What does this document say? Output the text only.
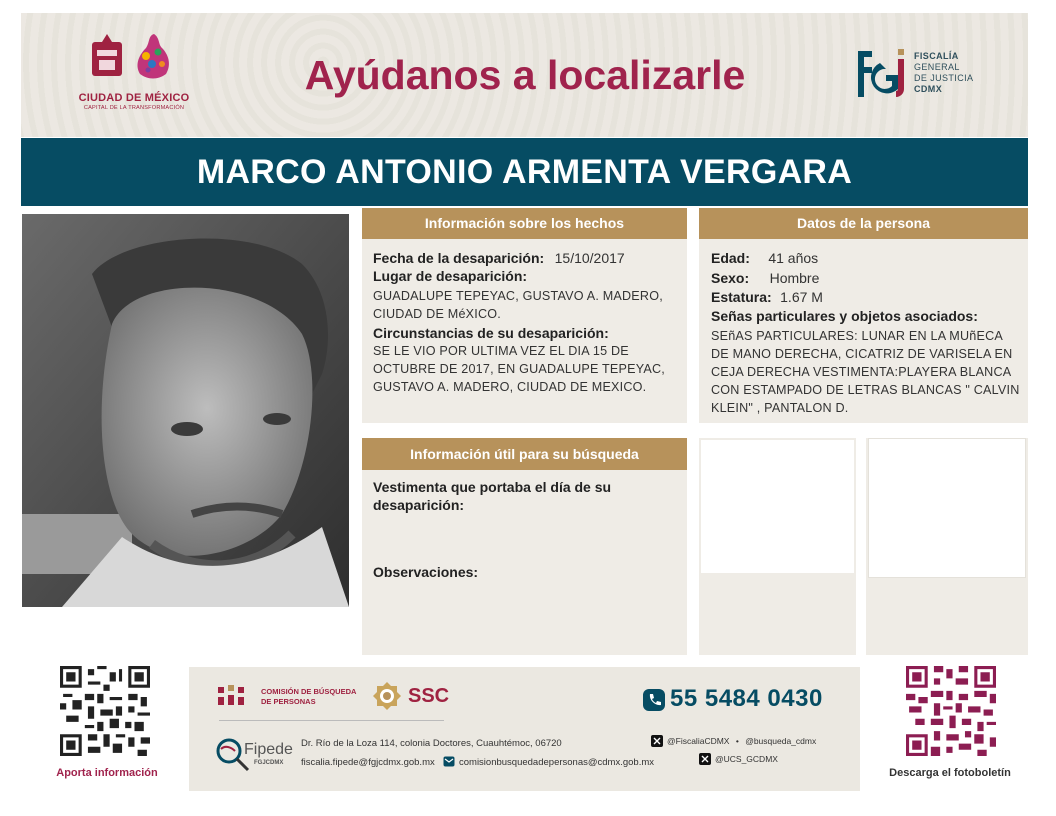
CIUDAD DE MÉXICO
CAPITAL DE LA TRANSFORMACIÓN
Ayúdanos a localizarle	FISCALÍA
GENERAL
DE JUSTICIA
CDMX
MARCO ANTONIO ARMENTA VERGARA
Información sobre los hechos
Fecha de la desaparición: 15/10/2017
Lugar de desaparición:
GUADALUPE TEPEYAC, GUSTAVO A. MADERO, CIUDAD DE MéXICO.
Circunstancias de su desaparición:
SE LE VIO POR ULTIMA VEZ EL DIA 15 DE OCTUBRE DE 2017, EN GUADALUPE TEPEYAC, GUSTAVO A. MADERO, CIUDAD DE MEXICO.
Datos de la persona
Edad: 41 años
Sexo: Hombre
Estatura: 1.67 M
Señas particulares y objetos asociados:
SEñAS PARTICULARES: LUNAR EN LA MUñECA DE MANO DERECHA, CICATRIZ DE VARISELA EN CEJA DERECHA VESTIMENTA:PLAYERA BLANCA CON ESTAMPADO DE LETRAS BLANCAS " CALVIN KLEIN" , PANTALON D.
Información útil para su búsqueda
Vestimenta que portaba el día de su desaparición:
Observaciones:
Aporta información
COMISIÓN DE BÚSQUEDA
DE PERSONAS	SSC	55 5484 0430
Fipede
FGJCDMX
Dr. Río de la Loza 114, colonia Doctores, Cuauhtémoc, 06720
fiscalia.fipede@fgjcdmx.gob.mx	comisionbusquedadepersonas@cdmx.gob.mx
@FiscaliaCDMX • @busqueda_cdmx
@UCS_GCDMX
Descarga el fotoboletín
